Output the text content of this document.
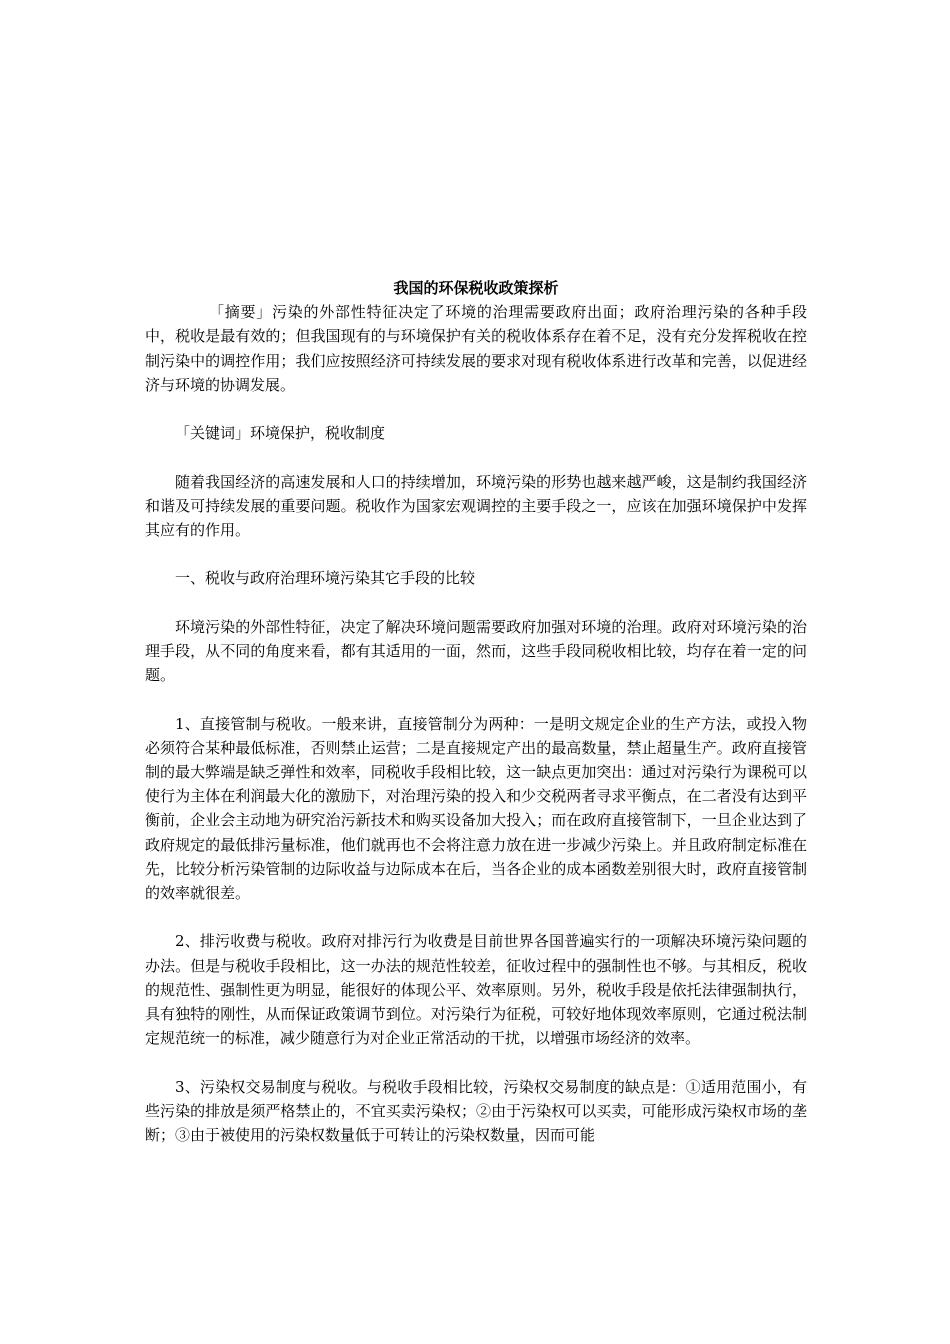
我国的环保税收政策探析

「摘要」污染的外部性特征决定了环境的治理需要政府出面；政府治理污染的各种手段中，税收是最有效的；但我国现有的与环境保护有关的税收体系存在着不足，没有充分发挥税收在控制污染中的调控作用；我们应按照经济可持续发展的要求对现有税收体系进行改革和完善，以促进经济与环境的协调发展。

「关键词」环境保护，税收制度

随着我国经济的高速发展和人口的持续增加，环境污染的形势也越来越严峻，这是制约我国经济和谐及可持续发展的重要问题。税收作为国家宏观调控的主要手段之一，应该在加强环境保护中发挥其应有的作用。

一、税收与政府治理环境污染其它手段的比较

环境污染的外部性特征，决定了解决环境问题需要政府加强对环境的治理。政府对环境污染的治理手段，从不同的角度来看，都有其适用的一面，然而，这些手段同税收相比较，均存在着一定的问题。

1、直接管制与税收。一般来讲，直接管制分为两种：一是明文规定企业的生产方法，或投入物必须符合某种最低标准，否则禁止运营；二是直接规定产出的最高数量，禁止超量生产。政府直接管制的最大弊端是缺乏弹性和效率，同税收手段相比较，这一缺点更加突出：通过对污染行为课税可以使行为主体在利润最大化的激励下，对治理污染的投入和少交税两者寻求平衡点，在二者没有达到平衡前，企业会主动地为研究治污新技术和购买设备加大投入；而在政府直接管制下，一旦企业达到了政府规定的最低排污量标准，他们就再也不会将注意力放在进一步减少污染上。并且政府制定标准在先，比较分析污染管制的边际收益与边际成本在后，当各企业的成本函数差别很大时，政府直接管制的效率就很差。

2、排污收费与税收。政府对排污行为收费是目前世界各国普遍实行的一项解决环境污染问题的办法。但是与税收手段相比，这一办法的规范性较差，征收过程中的强制性也不够。与其相反，税收的规范性、强制性更为明显，能很好的体现公平、效率原则。另外，税收手段是依托法律强制执行，具有独特的刚性，从而保证政策调节到位。对污染行为征税，可较好地体现效率原则，它通过税法制定规范统一的标准，减少随意行为对企业正常活动的干扰，以增强市场经济的效率。

3、污染权交易制度与税收。与税收手段相比较，污染权交易制度的缺点是：①适用范围小，有些污染的排放是须严格禁止的，不宜买卖污染权；②由于污染权可以买卖，可能形成污染权市场的垄断；③由于被使用的污染权数量低于可转让的污染权数量，因而可能
